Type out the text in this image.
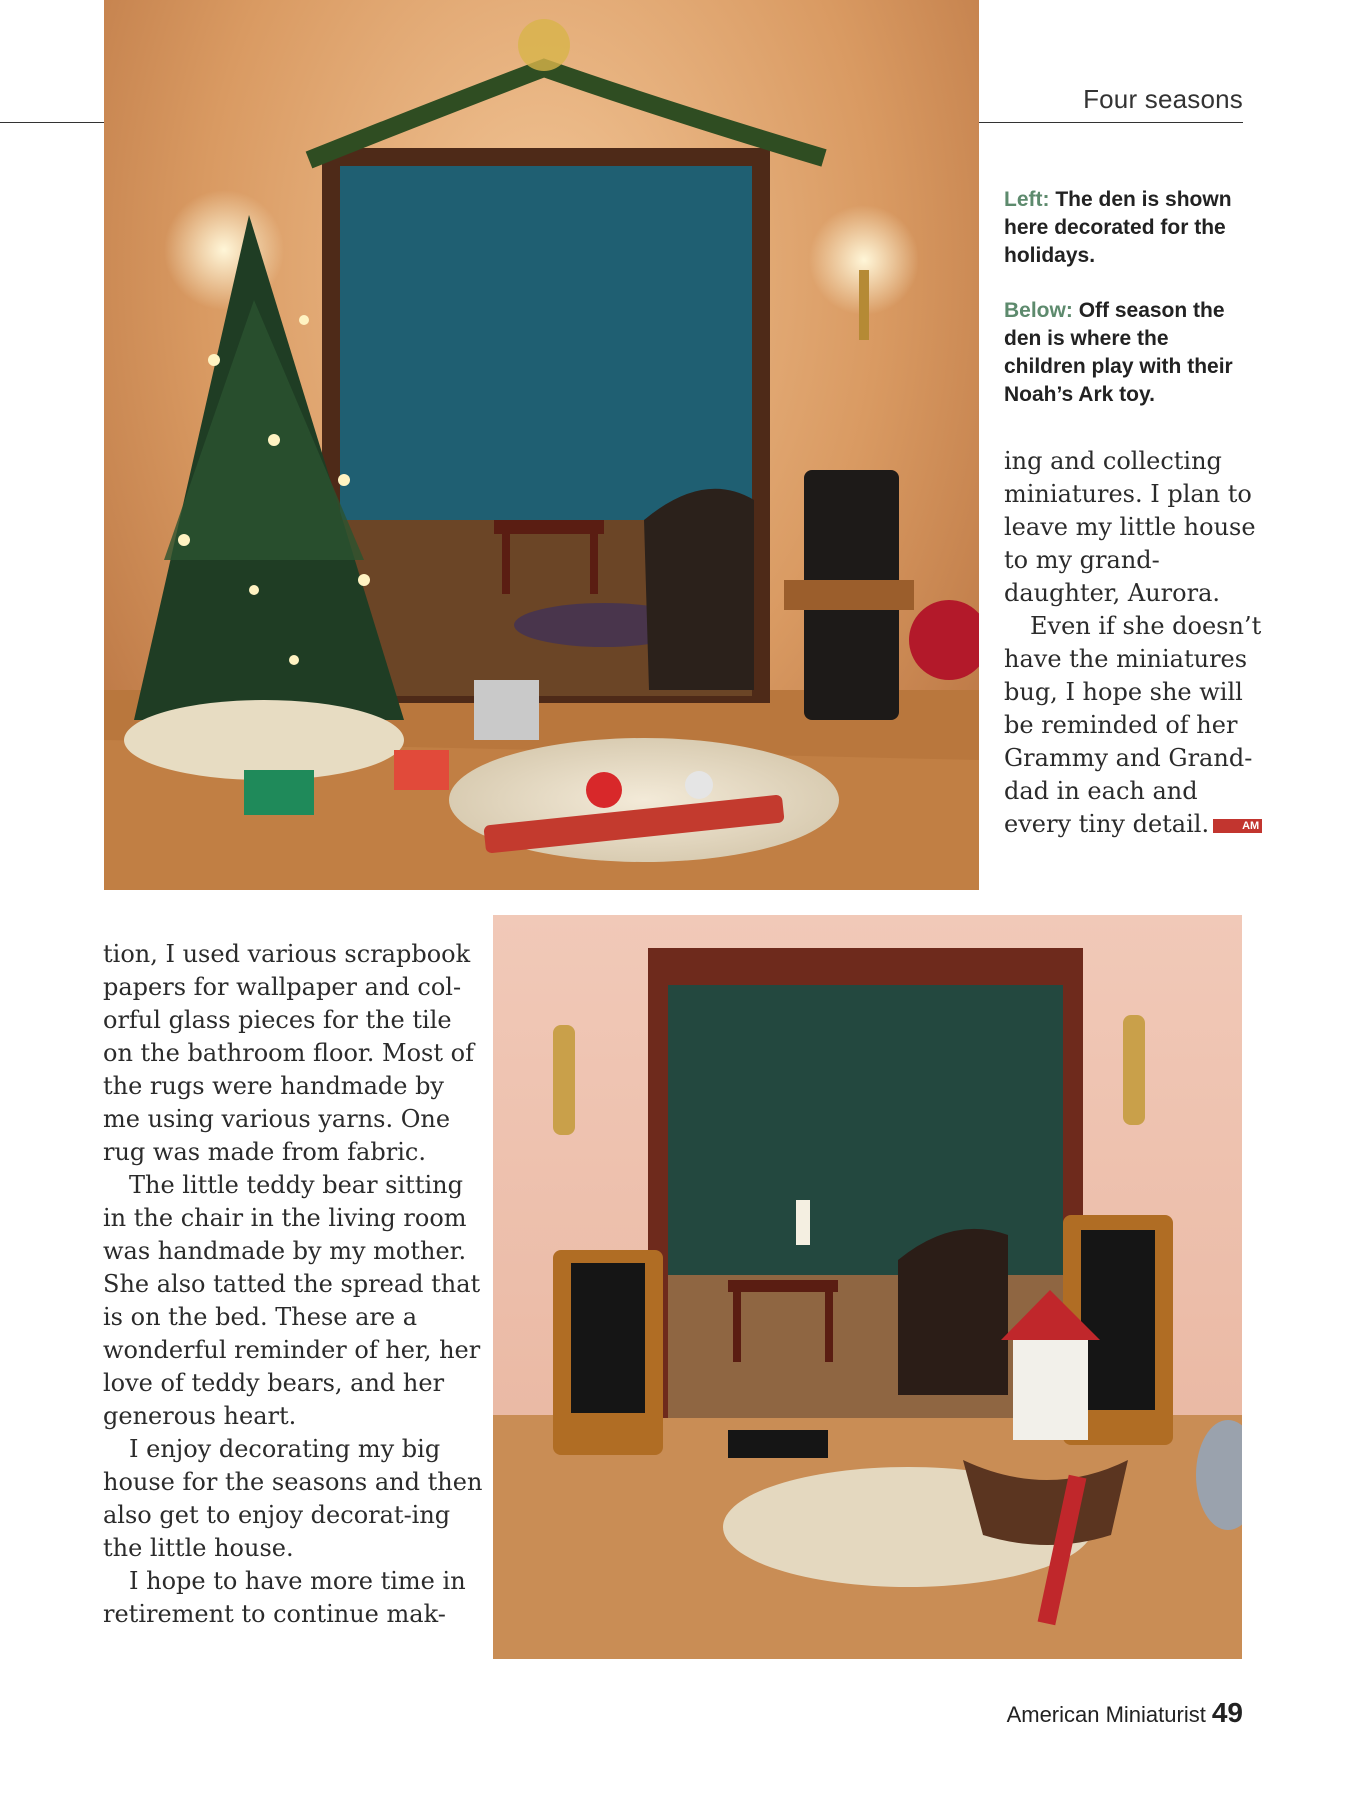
Four seasons

Left: The den is shown here decorated for the holidays.

Below: Off season the den is where the children play with their Noah’s Ark toy.

ing and collecting miniatures. I plan to leave my little house to my grand-daughter, Aurora.

Even if she doesn’t have the miniatures bug, I hope she will be reminded of her Grammy and Grand-dad in each and every tiny detail.	AM

tion, I used various scrapbook papers for wallpaper and col-orful glass pieces for the tile on the bathroom floor. Most of the rugs were handmade by me using various yarns. One rug was made from fabric.

The little teddy bear sitting in the chair in the living room was handmade by my mother. She also tatted the spread that is on the bed. These are a wonderful reminder of her, her love of teddy bears, and her generous heart.

I enjoy decorating my big house for the seasons and then also get to enjoy decorat-ing the little house.

I hope to have more time in retirement to continue mak-

American Miniaturist 49
